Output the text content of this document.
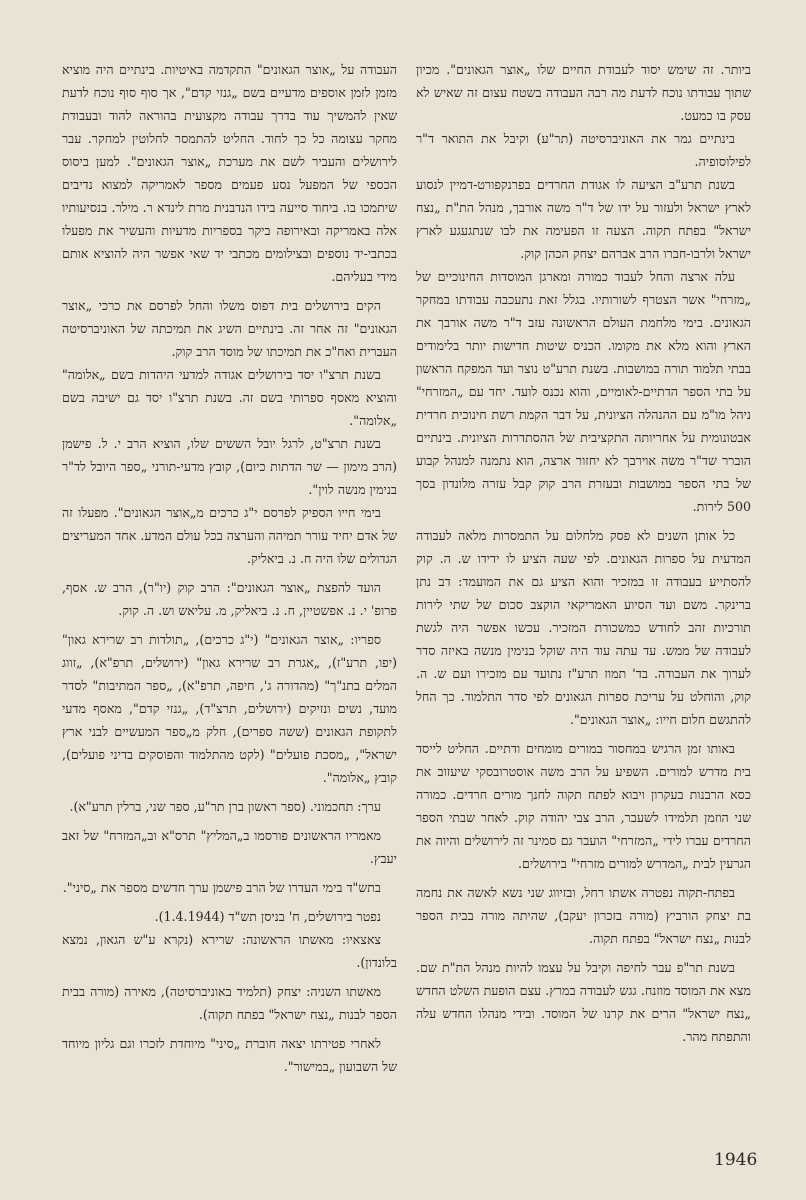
ביותר. זה שימש יסוד לעבודת החיים שלו „אוצר הגאונים". מכיון שתוך עבודתו נוכח לדעת מה רבה העבודה בשטח עצום זה שאיש לא עסק בו כמעט.

בינתיים גמר את האוניברסיטה (תר"ע) וקיבל את התואר ד"ר לפילוסופיה.

בשנת תרע"ב הציעה לו אגודת החרדים בפרנקפורט-דמיין לנסוע לארץ ישראל ולעזור על ידו של ד"ר משה אורבך, מנהל הת"ת „נצח ישראל" בפתח תקוה. הצעה זו הפעימה את לבו שנתגעגע לארץ ישראל ולרבו-חברו הרב אברהם יצחק הכהן קוק.

עלה ארצה והחל לעבוד כמורה ומארגן המוסדות החינוכיים של „מזרחי" אשר הצטרף לשורותיו. בגלל זאת נתעכבה עבודתו במחקר הגאונים. בימי מלחמת העולם הראשונה עזב ד"ר משה אורבך את הארץ והוא מלא את מקומו. הכניס שיטות חדישות יותר בלימודים בבתי תלמוד תורה במושבות. בשנת תרע"ט נוצר ועד המפקח הראשון על בתי הספר הדתיים-לאומיים, והוא נכנס לועד. יחד עם „המזרחי" ניהל מו"מ עם ההנהלה הציונית, על דבר הקמת רשת חינוכית חרדית אבטונומית על אחריותה התקציבית של ההסתדרות הציונית. בינתיים הוברר שד"ר משה אוירבך לא יחזור ארצה, הוא נתמנה למנהל קבוע של בתי הספר במושבות ובעזרת הרב קוק קבל עזרה מלונדון בסך 500 לירות.

כל אותן השנים לא פסק מלחלום על התמסרות מלאה לעבודה המדעית על ספרות הגאונים. לפי שעה הציע לו ידידו ש. ה. קוק להסתייע בעבודה זו במזכיר והוא הציע גם את המועמד: דב נתן ברינקר. משם ועד הסיוע האמריקאי הוקצב סכום של שתי לירות תורכיות זהב לחודש כמשכורת המזכיר. עכשו אפשר היה לגשת לעבודה של ממש. עד עתה עוד היה שוקל בנימין מנשה באיזה סדר לערוך את העבודה. בד' תמוז תרע"ז נתועד עם מזכירו ועם ש. ה. קוק, והוחלט על עריכת ספרות הגאונים לפי סדר התלמוד. כך החל להתגשם חלום חייו: „אוצר הגאונים".

באותו זמן הרגיש במחסור במורים מומחים ודתיים. החליט לייסד בית מדרש למורים. השפיע על הרב משה אוסטרובסקי שיעזוב את כסא הרבנות בעקרון ויבוא לפתח תקוה לחנך מורים חרדים. כמורה שני הוזמן תלמידו לשעבר, הרב צבי יהודה קוק. לאחר שבתי הספר החרדים עברו לידי „המזרחי" הועבר גם סמינר זה לירושלים והיוה את הגרעין לבית „המדרש למורים מזרחי" בירושלים.

בפתח-תקוה נפטרה אשתו רחל, ובזיווג שני נשא לאשה את נחמה בת יצחק הורביץ (מורה בזכרון יעקב), שהיתה מורה בבית הספר לבנות „נצח ישראל" בפתח תקוה.

בשנת תר"פ עבר לחיפה וקיבל על עצמו להיות מנהל הת"ת שם. מצא את המוסד מוזנח. גגש לעבודה במרץ. עצם הופעת השלט החדש „נצח ישראל" הרים את קרנו של המוסד. ובידי מנהלו החדש עלה והתפתח מהר.

העבודה על „אוצר הגאונים" התקדמה באיטיות. בינתיים היה מוציא מזמן לזמן אוספים מדעיים בשם „גנזי קדם", אך סוף סוף נוכח לדעת שאין להמשיך עוד בדרך עבודה מקצועית בהוראה להוד ובעבודת מחקר עצומה כל כך לחוד. החליט להתמסר לחלוטין למחקר. עבר לירושלים והעביר לשם את מערכת „אוצר הגאונים". למען ביסוס הכספי של המפעל נסע פעמים מספר לאמריקה למצוא נדיבים שיתמכו בו. ביחוד סייעה בידו הנדבנית מרת לינדא ר. מילר. בנסיעותיו אלה באמריקה ובאירופה ביקר בספריות מדעיות והעשיר את מפעלו בכתבי-יד נוספים ובצילומים מכתבי יד שאי אפשר היה להוציא אותם מידי בעליהם.

הקים בירושלים בית דפוס משלו והחל לפרסם את כרכי „אוצר הגאונים" זה אחר זה. בינתיים השיג את תמיכתה של האוניברסיטה העברית ואח"כ את תמיכתו של מוסד הרב קוק.

בשנת תרצ"ו יסד בירושלים אגודה למדעי היהדות בשם „אלומה" והוציא מאסף ספרותי בשם זה. בשנת תרצ"ו יסד גם ישיבה בשם „אלומה".

בשנת תרצ"ט, לרגל יובל הששים שלו, הוציא הרב י. ל. פישמן (הרב מימון — שר הדתות כיום), קובץ מדעי-תורני „ספר היובל לד"ר בנימין מנשה לוין".

בימי חייו הספיק לפרסם י"ג כרכים מ„אוצר הגאונים". מפעלו זה של אדם יחיד עורר תמיהה והערצה בכל עולם המדע. אחד המעריצים הגדולים שלו היה ח. נ. ביאליק.

הועד להפצת „אוצר הגאונים": הרב קוק (יו"ר), הרב ש. אסף, פרופ' י. נ. אפשטיין, ח. נ. ביאליק, מ. עליאש וש. ה. קוק.

ספריו: „אוצר הגאונים" (י"ג כרכים), „תולדות רב שרירא גאון" (יפו, תרע"ז), „אגרת רב שרירא גאון" (ירושלים, תרפ"א), „זווג המלים בתנ"ך" (מהדורה ג', חיפה, תרפ"א), „ספר המתיבות" לסדר מועד, נשים ונזיקים (ירושלים, תרצ"ד), „גנזי קדם", מאסף מדעי לתקופת הגאונים (ששה ספרים), חלק מ„ספר המעשיים לבני ארץ ישראל", „מסכת פועלים" (לקט מהתלמוד והפוסקים בדיני פועלים), קובץ „אלומה".

ערך: תחכמוני. (ספר ראשון ברן תר"ע, ספר שני, ברלין תרע"א).

מאמריו הראשונים פורסמו ב„המליץ" תרס"א וב„המזרח" של זאב יעבץ.

בתש"ד בימי העדרו של הרב פישמן ערך חדשים מספר את „סיני".

נפטר בירושלים, ח' בניסן תש"ד (1.4.1944).

צאצאיו: מאשתו הראשונה: שרירא (נקרא ע"ש הגאון, נמצא בלונדון).

מאשתו השניה: יצחק (תלמיד באוניברסיטה), מאירה (מורה בבית הספר לבנות „נצח ישראל" בפתח תקוה).

לאחרי פטירתו יצאה חוברת „סיני" מיוחדת לזכרו וגם גליון מיוחד של השבועון „במישור".

1946
